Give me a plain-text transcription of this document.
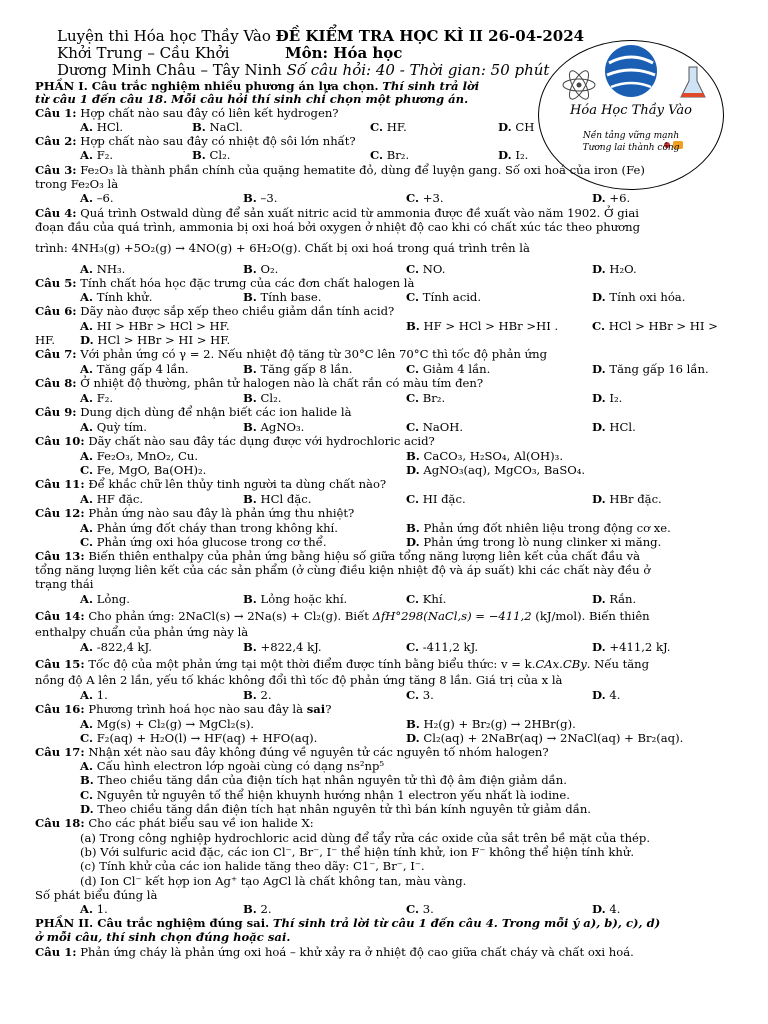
Luyện thi Hóa học Thầy Vào ĐỀ KIỂM TRA HỌC KÌ II 26-04-2024
Khởi Trung – Cầu Khởi	Môn: Hóa học
Dương Minh Châu – Tây Ninh Số câu hỏi: 40 - Thời gian: 50 phút
Hóa Học Thầy Vào
Nền tảng vững mạnh
Tương lai thành công
PHẦN I. Câu trắc nghiệm nhiều phương án lựa chọn. Thí sinh trả lời
từ câu 1 đến câu 18. Mỗi câu hỏi thí sinh chỉ chọn một phương án.
Câu 1: Hợp chất nào sau đây có liên kết hydrogen?
A. HCl.	B. NaCl.	C. HF.	D. CH
Câu 2: Hợp chất nào sau đây có nhiệt độ sôi lớn nhất?
A. F₂.	B. Cl₂.	C. Br₂.	D. I₂.
Câu 3: Fe₂O₃ là thành phần chính của quặng hematite đỏ, dùng để luyện gang. Số oxi hoá của iron (Fe)
trong Fe₂O₃ là
A. –6.	B. –3.	C. +3.	D. +6.
Câu 4: Quá trình Ostwald dùng để sản xuất nitric acid từ ammonia được đề xuất vào năm 1902. Ở giai
đoạn đầu của quá trình, ammonia bị oxi hoá bởi oxygen ở nhiệt độ cao khi có chất xúc tác theo phương
trình: 4NH₃(g) +5O₂(g) → 4NO(g) + 6H₂O(g). Chất bị oxi hoá trong quá trình trên là
A. NH₃.	B. O₂.	C. NO.	D. H₂O.
Câu 5: Tính chất hóa học đặc trưng của các đơn chất halogen là
A. Tính khử.	B. Tính base.	C. Tính acid.	D. Tính oxi hóa.
Câu 6: Dãy nào được sắp xếp theo chiều giảm dần tính acid?
A. HI > HBr > HCl > HF.	B. HF > HCl > HBr >HI .	C. HCl > HBr > HI >
HF. D. HCl > HBr > HI > HF.
Câu 7: Với phản ứng có γ = 2. Nếu nhiệt độ tăng từ 30°C lên 70°C thì tốc độ phản ứng
A. Tăng gấp 4 lần.	B. Tăng gấp 8 lần.	C. Giảm 4 lần.	D. Tăng gấp 16 lần.
Câu 8: Ở nhiệt độ thường, phân tử halogen nào là chất rắn có màu tím đen?
A. F₂.	B. Cl₂.	C. Br₂.	D. I₂.
Câu 9: Dung dịch dùng để nhận biết các ion halide là
A. Quỳ tím.	B. AgNO₃.	C. NaOH.	D. HCl.
Câu 10: Dãy chất nào sau đây tác dụng được với hydrochloric acid?
A. Fe₂O₃, MnO₂, Cu.	B. CaCO₃, H₂SO₄, Al(OH)₃.
C. Fe, MgO, Ba(OH)₂.	D. AgNO₃(aq), MgCO₃, BaSO₄.
Câu 11: Để khắc chữ lên thủy tinh người ta dùng chất nào?
A. HF đặc.	B. HCl đặc.	C. HI đặc.	D. HBr đặc.
Câu 12: Phản ứng nào sau đây là phản ứng thu nhiệt?
A. Phản ứng đốt cháy than trong không khí.	B. Phản ứng đốt nhiên liệu trong động cơ xe.
C. Phản ứng oxi hóa glucose trong cơ thể.	D. Phản ứng trong lò nung clinker xi măng.
Câu 13: Biến thiên enthalpy của phản ứng bằng hiệu số giữa tổng năng lượng liên kết của chất đầu và
tổng năng lượng liên kết của các sản phẩm (ở cùng điều kiện nhiệt độ và áp suất) khi các chất này đều ở
trạng thái
A. Lỏng.	B. Lỏng hoặc khí.	C. Khí.	D. Rắn.
Câu 14: Cho phản ứng: 2NaCl(s) → 2Na(s) + Cl₂(g). Biết ΔfH°298(NaCl,s) = −411,2 (kJ/mol). Biến thiên
enthalpy chuẩn của phản ứng này là
A. -822,4 kJ.	B. +822,4 kJ.	C. -411,2 kJ.	D. +411,2 kJ.
Câu 15: Tốc độ của một phản ứng tại một thời điểm được tính bằng biểu thức: v = k.CAx.CBy. Nếu tăng
nồng độ A lên 2 lần, yếu tố khác không đổi thì tốc độ phản ứng tăng 8 lần. Giá trị của x là
A. 1.	B. 2.	C. 3.	D. 4.
Câu 16: Phương trình hoá học nào sau đây là sai?
A. Mg(s) + Cl₂(g) → MgCl₂(s).	B. H₂(g) + Br₂(g) → 2HBr(g).
C. F₂(aq) + H₂O(l) → HF(aq) + HFO(aq).	D. Cl₂(aq) + 2NaBr(aq) → 2NaCl(aq) + Br₂(aq).
Câu 17: Nhận xét nào sau đây không đúng về nguyên tử các nguyên tố nhóm halogen?
A. Cấu hình electron lớp ngoài cùng có dạng ns²np⁵
B. Theo chiều tăng dần của điện tích hạt nhân nguyên tử thì độ âm điện giảm dần.
C. Nguyên tử nguyên tố thể hiện khuynh hướng nhận 1 electron yếu nhất là iodine.
D. Theo chiều tăng dần điện tích hạt nhân nguyên tử thì bán kính nguyên tử giảm dần.
Câu 18: Cho các phát biểu sau về ion halide X:
(a) Trong công nghiệp hydrochloric acid dùng để tẩy rửa các oxide của sắt trên bề mặt của thép.
(b) Với sulfuric acid đặc, các ion Cl⁻, Br⁻, I⁻ thể hiện tính khử, ion F⁻ không thể hiện tính khử.
(c) Tính khử của các ion halide tăng theo dãy: C1⁻, Br⁻, I⁻.
(d) Ion Cl⁻ kết hợp ion Ag⁺ tạo AgCl là chất không tan, màu vàng.
Số phát biểu đúng là
A. 1.	B. 2.	C. 3.	D. 4.
PHẦN II. Câu trắc nghiệm đúng sai. Thí sinh trả lời từ câu 1 đến câu 4. Trong mỗi ý a), b), c), d)
ở mỗi câu, thí sinh chọn đúng hoặc sai.
Câu 1: Phản ứng cháy là phản ứng oxi hoá – khử xảy ra ở nhiệt độ cao giữa chất cháy và chất oxi hoá.
